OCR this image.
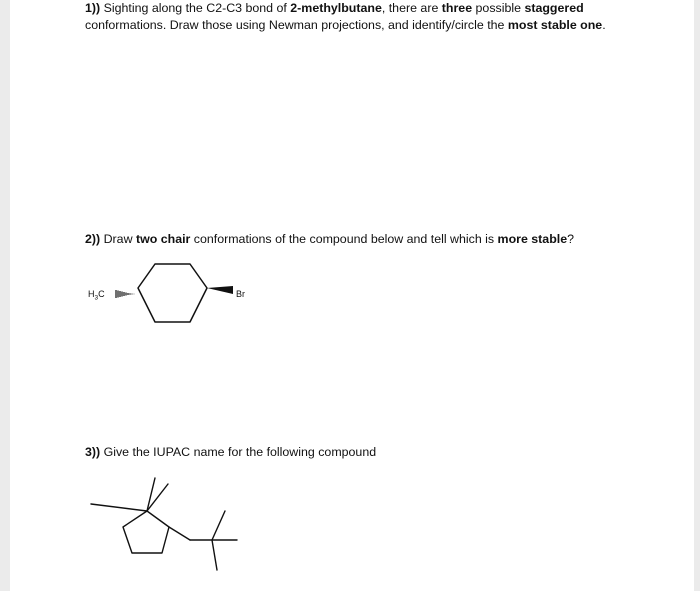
1)) Sighting along the C2-C3 bond of 2-methylbutane, there are three possible staggered
conformations. Draw those using Newman projections, and identify/circle the most stable one.
2)) Draw two chair conformations of the compound below and tell which is more stable?
$H_3C$	Br
3)) Give the IUPAC name for the following compound
